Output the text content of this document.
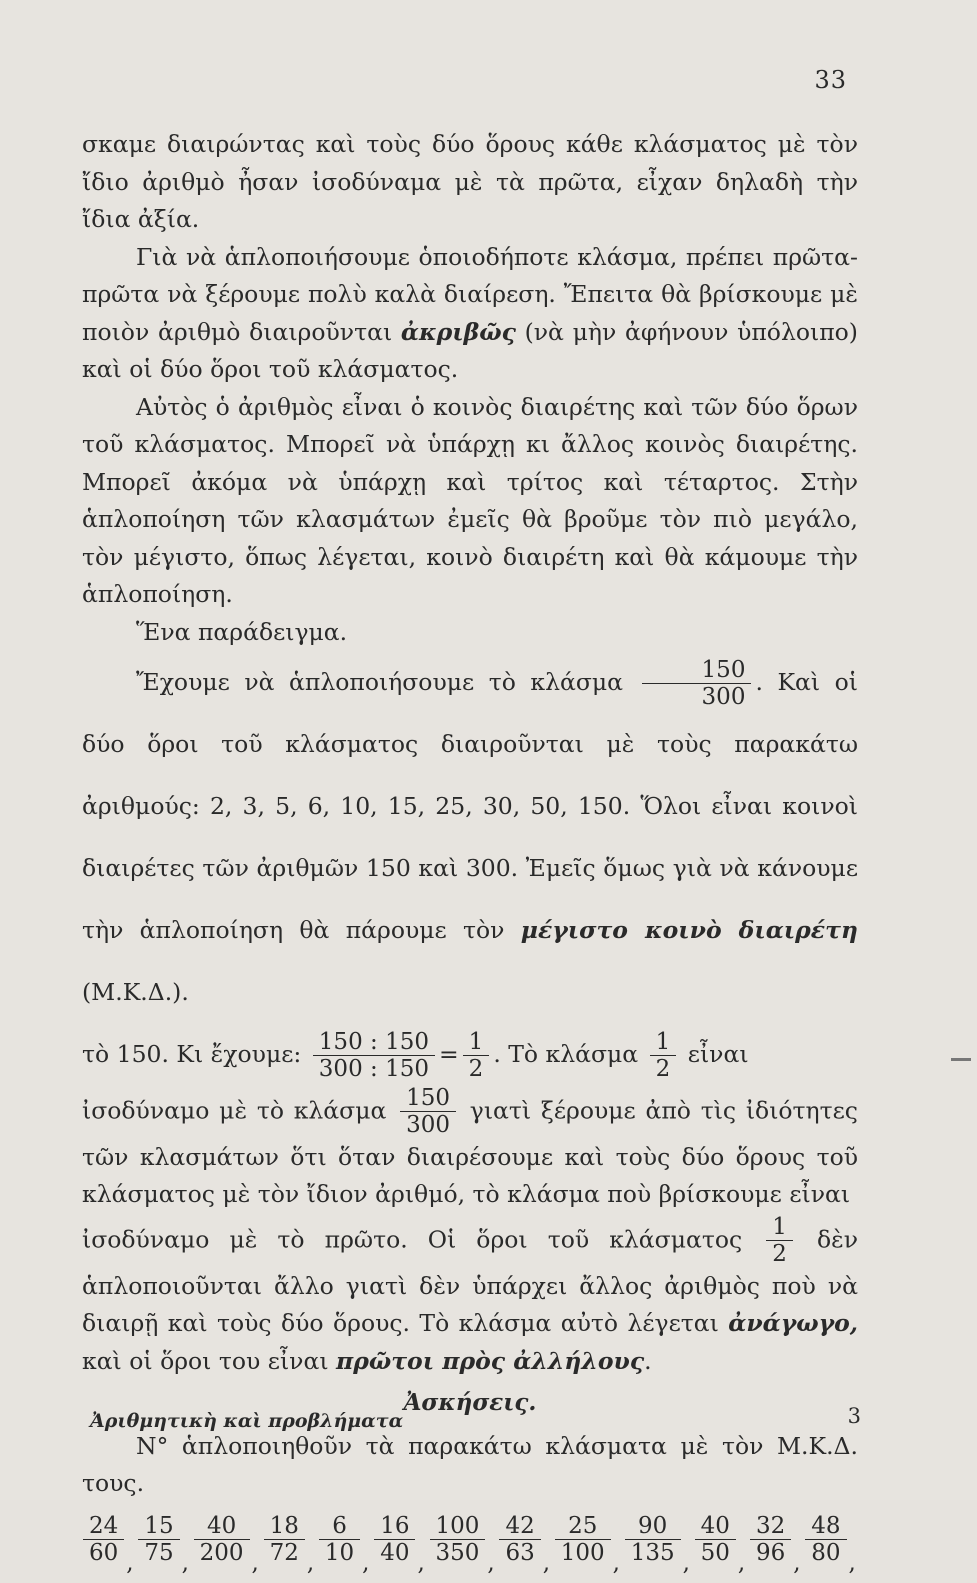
33

σκαμε διαιρώντας καὶ τοὺς δύο ὅρους κάθε κλάσματος μὲ τὸν ἴδιο ἀριθμὸ ἦσαν ἰσοδύναμα μὲ τὰ πρῶτα, εἶχαν δηλαδὴ τὴν ἴδια ἀξία.

Γιὰ νὰ ἁπλοποιήσουμε ὁποιοδήποτε κλάσμα, πρέπει πρῶτα-πρῶτα νὰ ξέρουμε πολὺ καλὰ διαίρεση. Ἔπειτα θὰ βρίσκουμε μὲ ποιὸν ἀριθμὸ διαιροῦνται ἀκριβῶς (νὰ μὴν ἀφήνουν ὑπόλοιπο) καὶ οἱ δύο ὅροι τοῦ κλάσματος.

Αὐτὸς ὁ ἀριθμὸς εἶναι ὁ κοινὸς διαιρέτης καὶ τῶν δύο ὅρων τοῦ κλάσματος. Μπορεῖ νὰ ὑπάρχῃ κι ἄλλος κοινὸς διαιρέτης. Μπορεῖ ἀκόμα νὰ ὑπάρχῃ καὶ τρίτος καὶ τέταρτος. Στὴν ἁπλοποίηση τῶν κλασμάτων ἐμεῖς θὰ βροῦμε τὸν πιὸ μεγάλο, τὸν μέγιστο, ὅπως λέγεται, κοινὸ διαιρέτη καὶ θὰ κάμουμε τὴν ἁπλοποίηση.

Ἕνα παράδειγμα.

Ἔχουμε νὰ ἁπλοποιήσουμε τὸ κλάσμα $\frac{150}{300}$ . Καὶ οἱ δύο ὅροι τοῦ κλάσματος διαιροῦνται μὲ τοὺς παρακάτω ἀριθμούς: 2, 3, 5, 6, 10, 15, 25, 30, 50, 150. Ὅλοι εἶναι κοινοὶ διαιρέτες τῶν ἀριθμῶν 150 καὶ 300. Ἐμεῖς ὅμως γιὰ νὰ κάνουμε τὴν ἁπλοποίηση θὰ πάρουμε τὸν μέγιστο κοινὸ διαιρέτη (Μ.Κ.Δ.).

τὸ 150. Κι ἔχουμε: $\frac{150 : 150}{300 : 150} = \frac{1}{2}$ . Τὸ κλάσμα $\frac{1}{2}$ εἶναι

ἰσοδύναμο μὲ τὸ κλάσμα $\frac{150}{300}$ γιατὶ ξέρουμε ἀπὸ τὶς ἰδιότητες τῶν κλασμάτων ὅτι ὅταν διαιρέσουμε καὶ τοὺς δύο ὅρους τοῦ κλάσματος μὲ τὸν ἴδιον ἀριθμό, τὸ κλάσμα ποὺ βρίσκουμε εἶναι

ἰσοδύναμο μὲ τὸ πρῶτο. Οἱ ὅροι τοῦ κλάσματος $\frac{1}{2}$ δὲν ἁπλοποιοῦνται ἄλλο γιατὶ δὲν ὑπάρχει ἄλλος ἀριθμὸς ποὺ νὰ διαιρῇ καὶ τοὺς δύο ὅρους. Τὸ κλάσμα αὐτὸ λέγεται ἀνάγωγο, καὶ οἱ ὅροι του εἶναι πρῶτοι πρὸς ἀλλήλους.

Ἀσκήσεις.

Ν° ἁπλοποιηθοῦν τὰ παρακάτω κλάσματα μὲ τὸν Μ.Κ.Δ. τους.

$\frac{24}{60}$ , $\frac{15}{75}$ , $\frac{40}{200}$ , $\frac{18}{72}$ , $\frac{6}{10}$ , $\frac{16}{40}$ , $\frac{100}{350}$ , $\frac{42}{63}$ , $\frac{25}{100}$ , $\frac{90}{135}$ , $\frac{40}{50}$ , $\frac{32}{96}$ , $\frac{48}{80}$ ,
Ἀριθμητικὴ καὶ προβλήματα	3
